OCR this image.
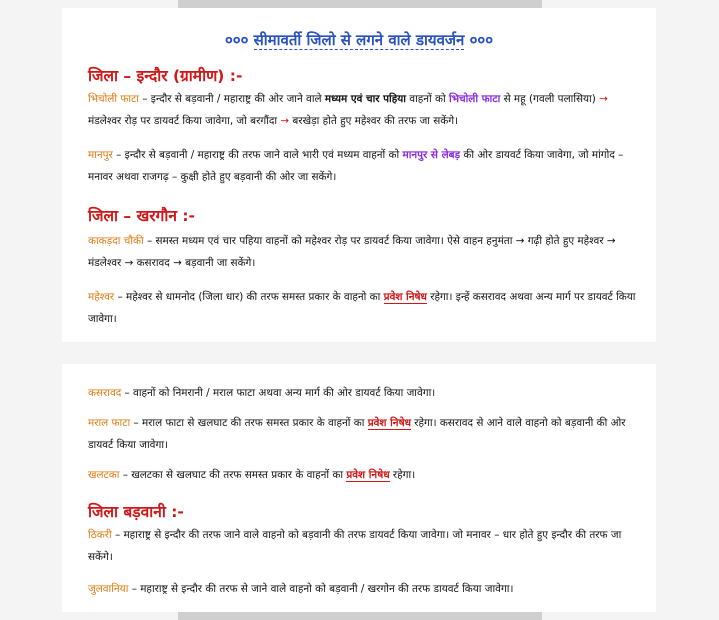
००० सीमावर्ती जिलो से लगने वाले डायवर्जन ०००
जिला – इन्दौर (ग्रामीण) :-
भिचोली फाटा – इन्दौर से बड़वानी / महाराष्ट्र की ओर जाने वाले मध्यम एवं चार पहिया वाहनों को भिचोली फाटा से महू (गवली पलासिया) → मंडलेश्वर रोड़ पर डायवर्ट किया जावेगा, जो बरगौंदा → बरखेड़ा होते हुए महेश्वर की तरफ जा सकेंगे।
मानपुर – इन्दौर से बड़वानी / महाराष्ट्र की तरफ जाने वाले भारी एवं मध्यम वाहनों को मानपुर से लेबड़ की ओर डायवर्ट किया जावेगा, जो मांगोद – मनावर अथवा राजगढ़ – कुक्षी होते हुए बड़वानी की ओर जा सकेंगे।
जिला – खरगौन :-
काकड़दा चौकी – समस्त मध्यम एवं चार पहिया वाहनों को महेश्वर रोड़ पर डायवर्ट किया जावेगा। ऐसे वाहन हनुमंता → गढ़ी होते हुए महेश्वर → मंडलेश्वर → कसरावद → बड़वानी जा सकेंगे।
महेश्वर – महेश्वर से धामनोद (जिला धार) की तरफ समस्त प्रकार के वाहनो का प्रवेश निषेध रहेगा। इन्हें कसरावद अथवा अन्य मार्ग पर डायवर्ट किया जावेगा।
कसरावद – वाहनों को निमरानी / मराल फाटा अथवा अन्य मार्ग की ओर डायवर्ट किया जावेगा।
मराल फाटा – मराल फाटा से खलघाट की तरफ समस्त प्रकार के वाहनों का प्रवेश निषेध रहेगा। कसरावद से आने वाले वाहनो को बड़वानी की ओर डायवर्ट किया जावेगा।
खलटका – खलटका से खलघाट की तरफ समस्त प्रकार के वाहनों का प्रवेश निषेध रहेगा।
जिला बड़वानी :-
ठिकरी – महाराष्ट्र से इन्दौर की तरफ जाने वाले वाहनो को बड़वानी की तरफ डायवर्ट किया जावेगा। जो मनावर – धार होते हुए इन्दौर की तरफ जा सकेंगे।
जुलवानिया – महाराष्ट्र से इन्दौर की तरफ से जाने वाले वाहनो को बड़वानी / खरगोन की तरफ डायवर्ट किया जावेगा।
